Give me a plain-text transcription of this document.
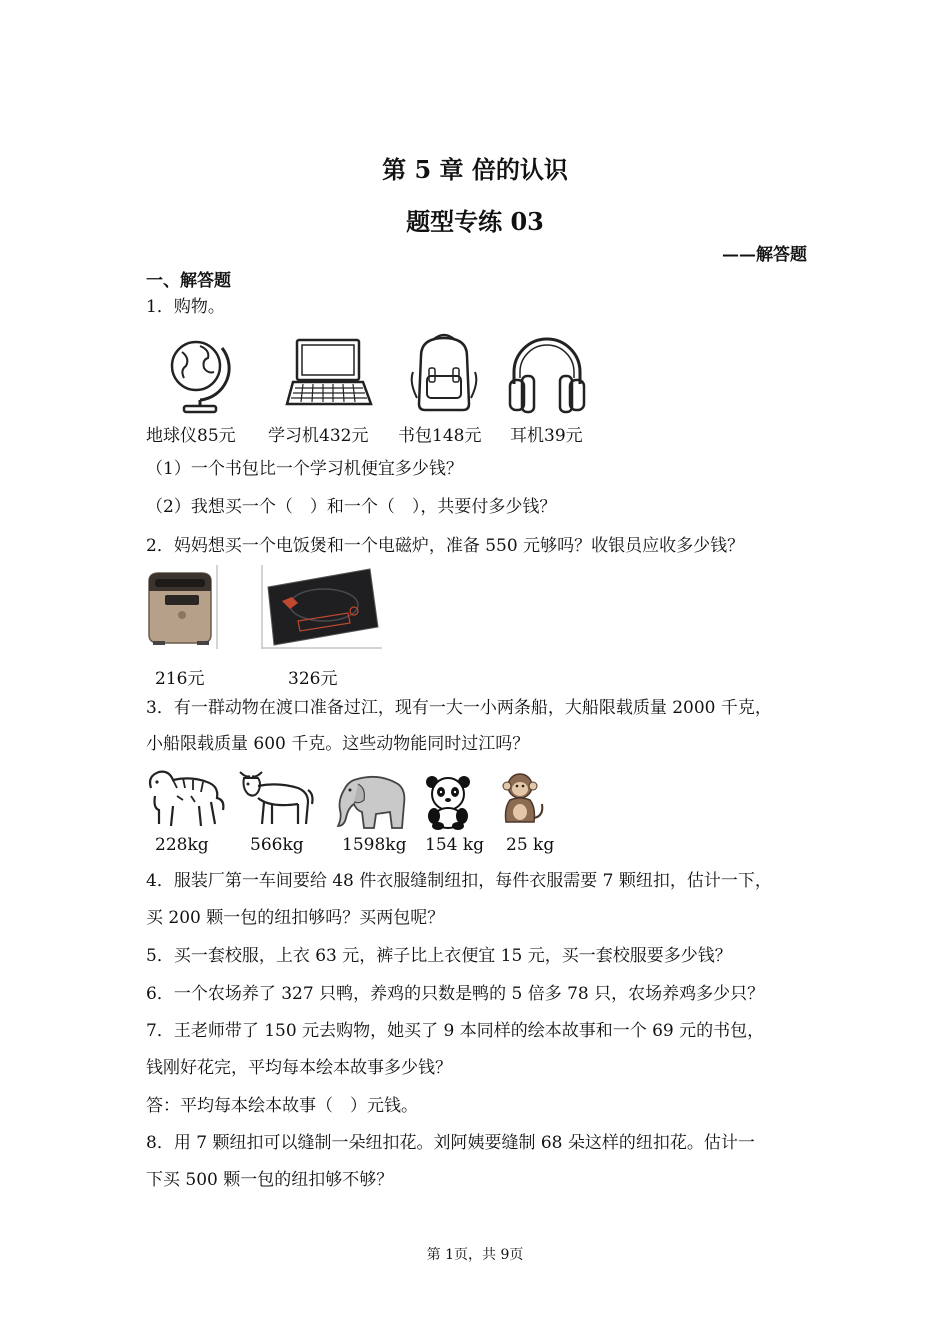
第 5 章 倍的认识
题型专练 03
——解答题
一、解答题
1．购物。
地球仪85元 学习机432元 书包148元 耳机39元
（1）一个书包比一个学习机便宜多少钱？
（2）我想买一个（　）和一个（　），共要付多少钱？
2．妈妈想买一个电饭煲和一个电磁炉，准备 550 元够吗？收银员应收多少钱？
216元	326元
3．有一群动物在渡口准备过江，现有一大一小两条船，大船限载质量 2000 千克，
小船限载质量 600 千克。这些动物能同时过江吗？
228kg 566kg 1598kg 154 kg 25 kg
4．服装厂第一车间要给 48 件衣服缝制纽扣，每件衣服需要 7 颗纽扣，估计一下，
买 200 颗一包的纽扣够吗？买两包呢？
5．买一套校服，上衣 63 元，裤子比上衣便宜 15 元，买一套校服要多少钱？
6．一个农场养了 327 只鸭，养鸡的只数是鸭的 5 倍多 78 只，农场养鸡多少只？
7．王老师带了 150 元去购物，她买了 9 本同样的绘本故事和一个 69 元的书包，
钱刚好花完，平均每本绘本故事多少钱？
答：平均每本绘本故事（　）元钱。
8．用 7 颗纽扣可以缝制一朵纽扣花。刘阿姨要缝制 68 朵这样的纽扣花。估计一
下买 500 颗一包的纽扣够不够？
第 1页，共 9页
